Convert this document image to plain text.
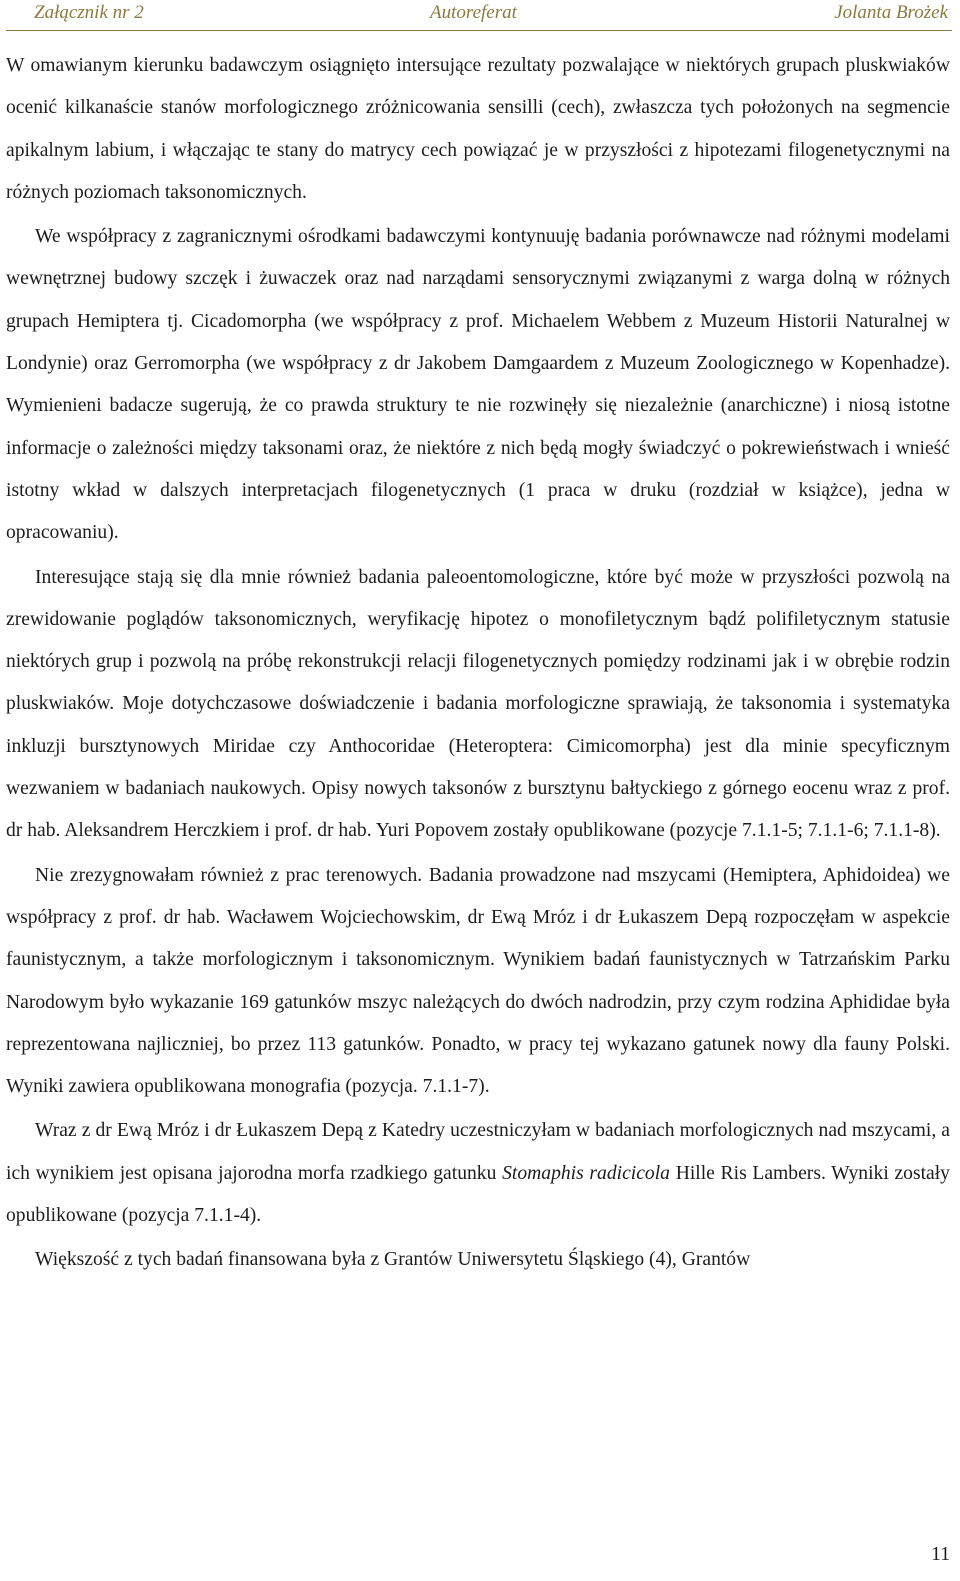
Załącznik nr 2	Autoreferat	Jolanta Brożek

W omawianym kierunku badawczym osiągnięto intersujące rezultaty pozwalające w niektórych grupach pluskwiaków ocenić kilkanaście stanów morfologicznego zróżnicowania sensilli (cech), zwłaszcza tych położonych na segmencie apikalnym labium, i włączając te stany do matrycy cech powiązać je w przyszłości z hipotezami filogenetycznymi na różnych poziomach taksonomicznych.

We współpracy z zagranicznymi ośrodkami badawczymi kontynuuję badania porównawcze nad różnymi modelami wewnętrznej budowy szczęk i żuwaczek oraz nad narządami sensorycznymi związanymi z warga dolną w różnych grupach Hemiptera tj. Cicadomorpha (we współpracy z prof. Michaelem Webbem z Muzeum Historii Naturalnej w Londynie) oraz Gerromorpha (we współpracy z dr Jakobem Damgaardem z Muzeum Zoologicznego w Kopenhadze). Wymienieni badacze sugerują, że co prawda struktury te nie rozwinęły się niezależnie (anarchiczne) i niosą istotne informacje o zależności między taksonami oraz, że niektóre z nich będą mogły świadczyć o pokrewieństwach i wnieść istotny wkład w dalszych interpretacjach filogenetycznych (1 praca w druku (rozdział w książce), jedna w opracowaniu).

Interesujące stają się dla mnie również badania paleoentomologiczne, które być może w przyszłości pozwolą na zrewidowanie poglądów taksonomicznych, weryfikację hipotez o monofiletycznym bądź polifiletycznym statusie niektórych grup i pozwolą na próbę rekonstrukcji relacji filogenetycznych pomiędzy rodzinami jak i w obrębie rodzin pluskwiaków. Moje dotychczasowe doświadczenie i badania morfologiczne sprawiają, że taksonomia i systematyka inkluzji bursztynowych Miridae czy Anthocoridae (Heteroptera: Cimicomorpha) jest dla minie specyficznym wezwaniem w badaniach naukowych. Opisy nowych taksonów z bursztynu bałtyckiego z górnego eocenu wraz z prof. dr hab. Aleksandrem Herczkiem i prof. dr hab. Yuri Popovem zostały opublikowane (pozycje 7.1.1-5; 7.1.1-6; 7.1.1-8).

Nie zrezygnowałam również z prac terenowych. Badania prowadzone nad mszycami (Hemiptera, Aphidoidea) we współpracy z prof. dr hab. Wacławem Wojciechowskim, dr Ewą Mróz i dr Łukaszem Depą rozpoczęłam w aspekcie faunistycznym, a także morfologicznym i taksonomicznym. Wynikiem badań faunistycznych w Tatrzańskim Parku Narodowym było wykazanie 169 gatunków mszyc należących do dwóch nadrodzin, przy czym rodzina Aphididae była reprezentowana najliczniej, bo przez 113 gatunków. Ponadto, w pracy tej wykazano gatunek nowy dla fauny Polski. Wyniki zawiera opublikowana monografia (pozycja. 7.1.1-7).

Wraz z dr Ewą Mróz i dr Łukaszem Depą z Katedry uczestniczyłam w badaniach morfologicznych nad mszycami, a ich wynikiem jest opisana jajorodna morfa rzadkiego gatunku Stomaphis radicicola Hille Ris Lambers. Wyniki zostały opublikowane (pozycja 7.1.1-4).

Większość z tych badań finansowana była z Grantów Uniwersytetu Śląskiego (4), Grantów

11
